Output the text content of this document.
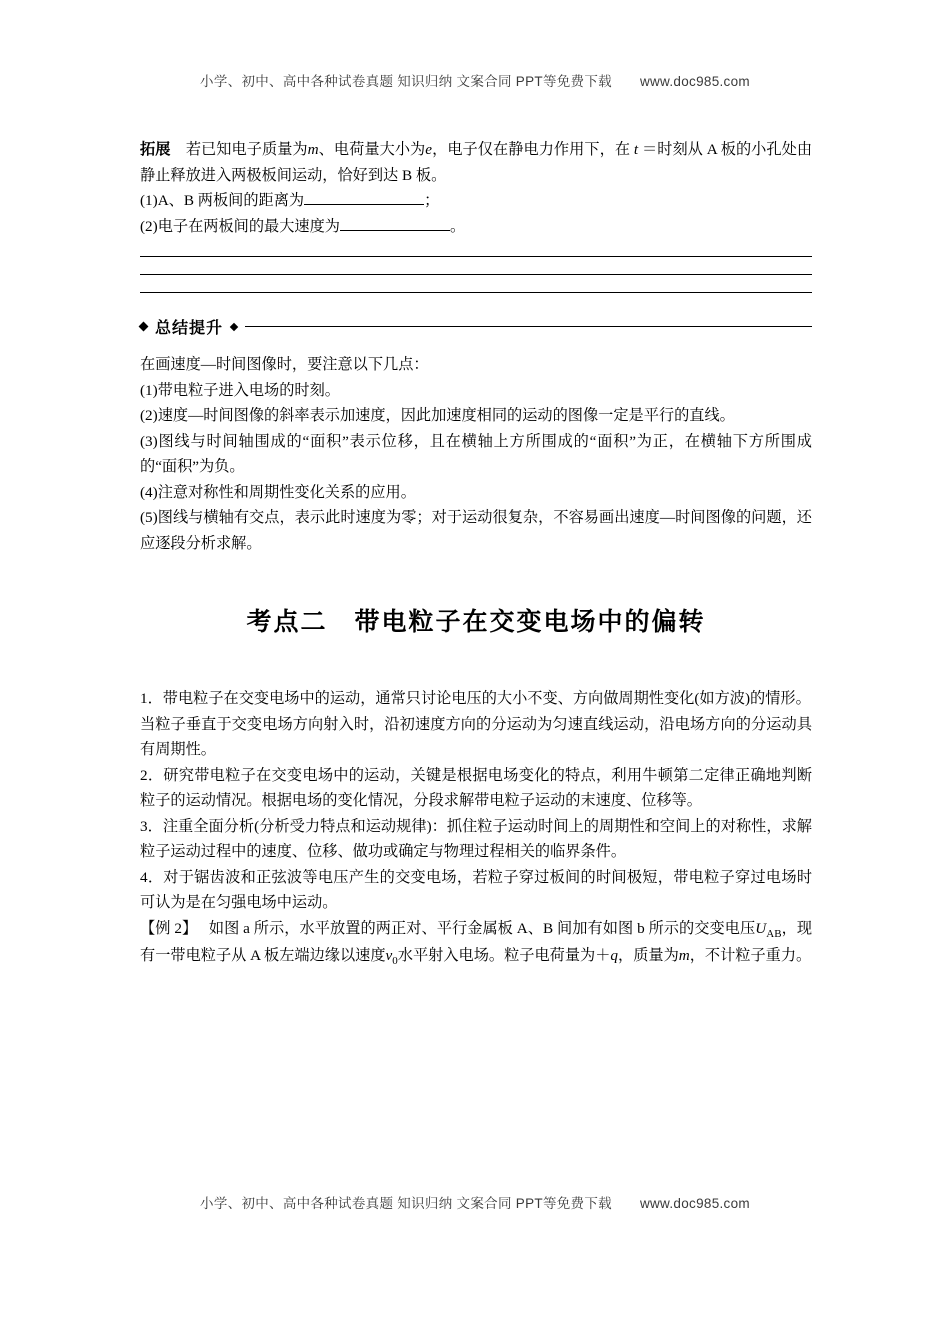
小学、初中、高中各种试卷真题 知识归纳 文案合同 PPT等免费下载 www.doc985.com

拓展 若已知电子质量为m、电荷量大小为e，电子仅在静电力作用下，在 t ＝时刻从 A 板的小孔处由静止释放进入两极板间运动，恰好到达 B 板。

(1)A、B 两板间的距离为	；

(2)电子在两板间的最大速度为	。

总结提升

在画速度—时间图像时，要注意以下几点：

(1)带电粒子进入电场的时刻。

(2)速度—时间图像的斜率表示加速度，因此加速度相同的运动的图像一定是平行的直线。

(3)图线与时间轴围成的“面积”表示位移，且在横轴上方所围成的“面积”为正，在横轴下方所围成的“面积”为负。

(4)注意对称性和周期性变化关系的应用。

(5)图线与横轴有交点，表示此时速度为零；对于运动很复杂，不容易画出速度—时间图像的问题，还应逐段分析求解。

考点二　带电粒子在交变电场中的偏转

1．带电粒子在交变电场中的运动，通常只讨论电压的大小不变、方向做周期性变化(如方波)的情形。

当粒子垂直于交变电场方向射入时，沿初速度方向的分运动为匀速直线运动，沿电场方向的分运动具有周期性。

2．研究带电粒子在交变电场中的运动，关键是根据电场变化的特点，利用牛顿第二定律正确地判断粒子的运动情况。根据电场的变化情况，分段求解带电粒子运动的末速度、位移等。

3．注重全面分析(分析受力特点和运动规律)：抓住粒子运动时间上的周期性和空间上的对称性，求解粒子运动过程中的速度、位移、做功或确定与物理过程相关的临界条件。

4．对于锯齿波和正弦波等电压产生的交变电场，若粒子穿过板间的时间极短，带电粒子穿过电场时可认为是在匀强电场中运动。

【例 2】 如图 a 所示，水平放置的两正对、平行金属板 A、B 间加有如图 b 所示的交变电压$U_{AB}$，现有一带电粒子从 A 板左端边缘以速度$v_0$水平射入电场。粒子电荷量为＋q，质量为m，不计粒子重力。

小学、初中、高中各种试卷真题 知识归纳 文案合同 PPT等免费下载 www.doc985.com
